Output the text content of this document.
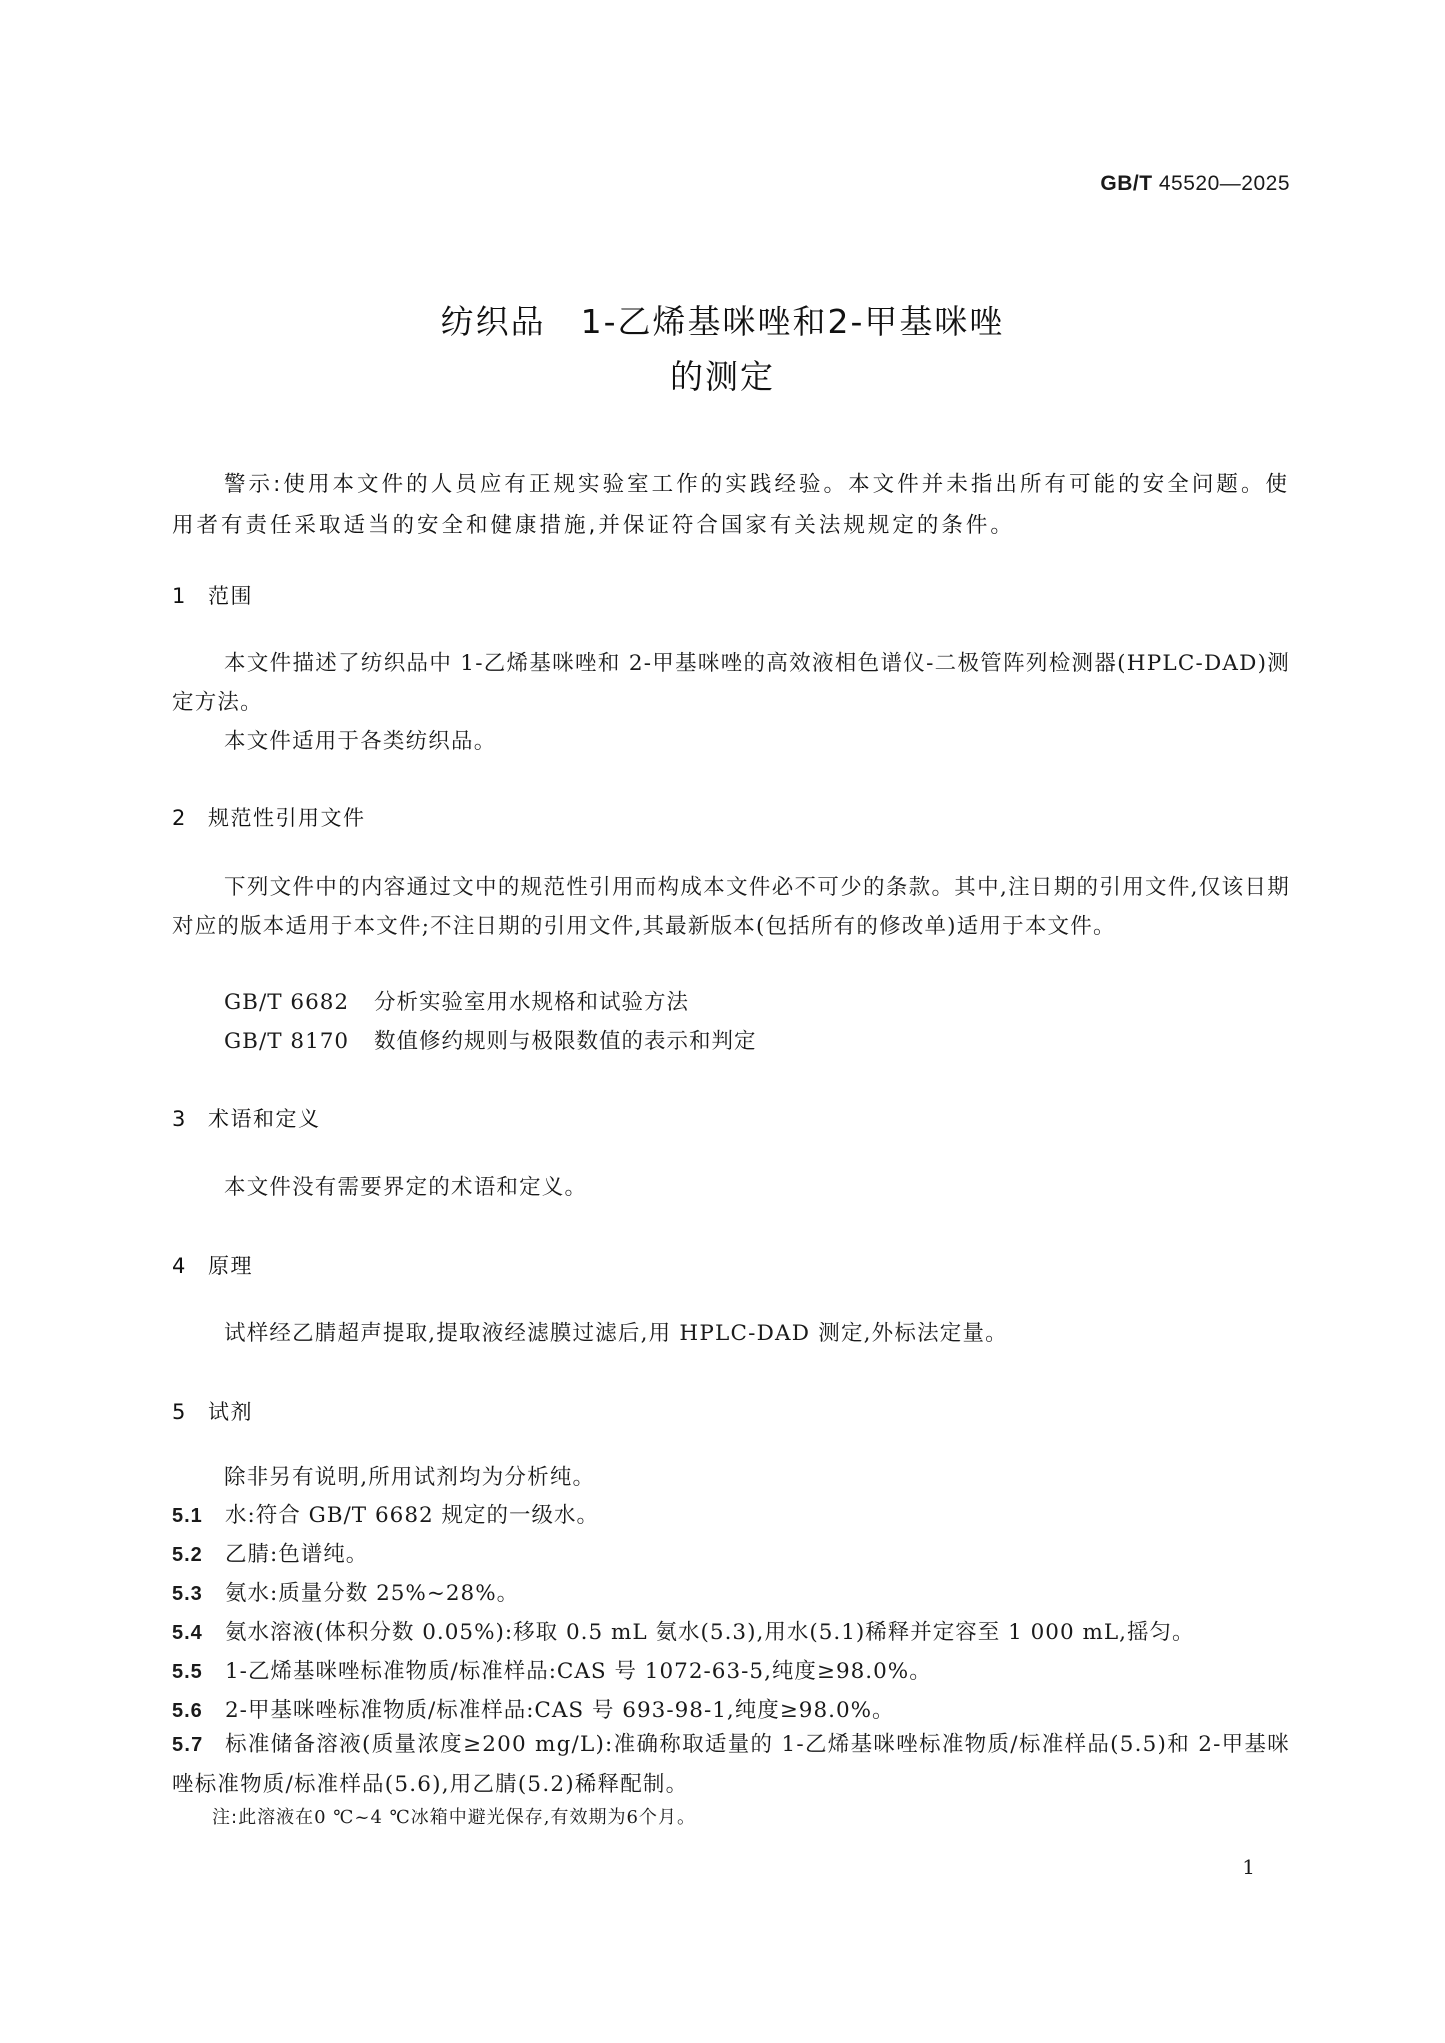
GB/T 45520—2025
纺织品　1-乙烯基咪唑和2-甲基咪唑
的测定

警示:使用本文件的人员应有正规实验室工作的实践经验。本文件并未指出所有可能的安全问题。使用者有责任采取适当的安全和健康措施,并保证符合国家有关法规规定的条件。

1 范围

本文件描述了纺织品中 1-乙烯基咪唑和 2-甲基咪唑的高效液相色谱仪-二极管阵列检测器(HPLC-DAD)测定方法。

本文件适用于各类纺织品。

2 规范性引用文件

下列文件中的内容通过文中的规范性引用而构成本文件必不可少的条款。其中,注日期的引用文件,仅该日期对应的版本适用于本文件;不注日期的引用文件,其最新版本(包括所有的修改单)适用于本文件。

GB/T 6682 分析实验室用水规格和试验方法
GB/T 8170 数值修约规则与极限数值的表示和判定
3 术语和定义

本文件没有需要界定的术语和定义。

4 原理

试样经乙腈超声提取,提取液经滤膜过滤后,用 HPLC-DAD 测定,外标法定量。

5 试剂

除非另有说明,所用试剂均为分析纯。

5.1 水:符合 GB/T 6682 规定的一级水。
5.2 乙腈:色谱纯。
5.3 氨水:质量分数 25%~28%。
5.4 氨水溶液(体积分数 0.05%):移取 0.5 mL 氨水(5.3),用水(5.1)稀释并定容至 1 000 mL,摇匀。
5.5 1-乙烯基咪唑标准物质/标准样品:CAS 号 1072-63-5,纯度≥98.0%。
5.6 2-甲基咪唑标准物质/标准样品:CAS 号 693-98-1,纯度≥98.0%。

5.7 标准储备溶液(质量浓度≥200 mg/L):准确称取适量的 1-乙烯基咪唑标准物质/标准样品(5.5)和 2-甲基咪唑标准物质/标准样品(5.6),用乙腈(5.2)稀释配制。

注:此溶液在0 ℃~4 ℃冰箱中避光保存,有效期为6个月。
1
